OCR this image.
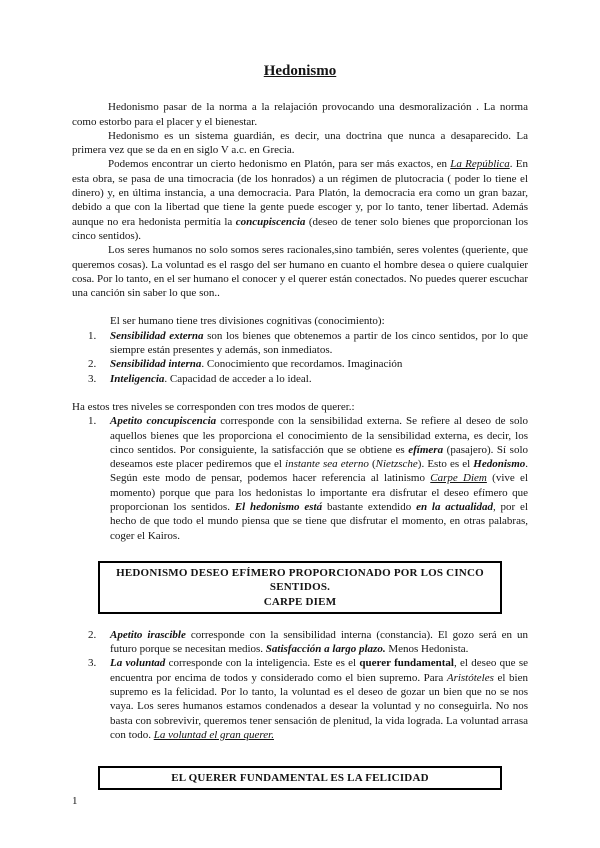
Hedonismo

Hedonismo pasar de la norma a la relajación provocando una desmoralización . La norma como estorbo para el placer y el bienestar.

Hedonismo es un sistema guardián, es decir, una doctrina que nunca a desaparecido. La primera vez que se da en en siglo V a.c. en Grecia.

Podemos encontrar un cierto hedonismo en Platón, para ser más exactos, en La República. En esta obra, se pasa de una timocracia (de los honrados) a un régimen de plutocracia ( poder lo tiene el dinero) y, en última instancia, a una democracia. Para Platón, la democracia era como un gran bazar, debido a que con la libertad que tiene la gente puede escoger y, por lo tanto, tener libertad. Además aunque no era hedonista permitía la concupiscencia (deseo de tener solo bienes que proporcionan los cinco sentidos).

Los seres humanos no solo somos seres racionales,sino también, seres volentes (queriente, que queremos cosas). La voluntad es el rasgo del ser humano en cuanto el hombre desea o quiere cualquier cosa. Por lo tanto, en el ser humano el conocer y el querer están conectados. No puedes querer escuchar una canción sin saber lo que son..

El ser humano tiene tres divisiones cognitivas (conocimiento):

1.	Sensibilidad externa son los bienes que obtenemos a partir de los cinco sentidos, por lo que siempre están presentes y además, son inmediatos.
2.	Sensibilidad interna. Conocimiento que recordamos. Imaginación
3.	Inteligencia. Capacidad de acceder a lo ideal.

Ha estos tres niveles se corresponden con tres modos de querer.:

1.	Apetito concupiscencia corresponde con la sensibilidad externa. Se refiere al deseo de solo aquellos bienes que les proporciona el conocimiento de la sensibilidad externa, es decir, los cinco sentidos. Por consiguiente, la satisfacción que se obtiene es efímera (pasajero). Sí solo deseamos este placer pediremos que el instante sea eterno (Nietzsche). Esto es el Hedonismo. Según este modo de pensar, podemos hacer referencia al latinismo Carpe Diem (vive el momento) porque que para los hedonistas lo importante era disfrutar el deseo efímero que proporcionan los sentidos. El hedonismo está bastante extendido en la actualidad, por el hecho de que todo el mundo piensa que se tiene que disfrutar el momento, en otras palabras, coger el Kairos.
HEDONISMO DESEO EFÍMERO PROPORCIONADO POR LOS CINCO SENTIDOS.
CARPE DIEM
2.	Apetito irascible corresponde con la sensibilidad interna (constancia). El gozo será en un futuro porque se necesitan medios. Satisfacción a largo plazo. Menos Hedonista.
3.	La voluntad corresponde con la inteligencia. Este es el querer fundamental, el deseo que se encuentra por encima de todos y considerado como el bien supremo. Para Aristóteles el bien supremo es la felicidad. Por lo tanto, la voluntad es el deseo de gozar un bien que no se nos vaya. Los seres humanos estamos condenados a desear la voluntad y no conseguirla. No nos basta con sobrevivir, queremos tener sensación de plenitud, la vida lograda. La voluntad arrasa con todo. La voluntad el gran querer.
EL QUERER FUNDAMENTAL ES LA FELICIDAD
1
